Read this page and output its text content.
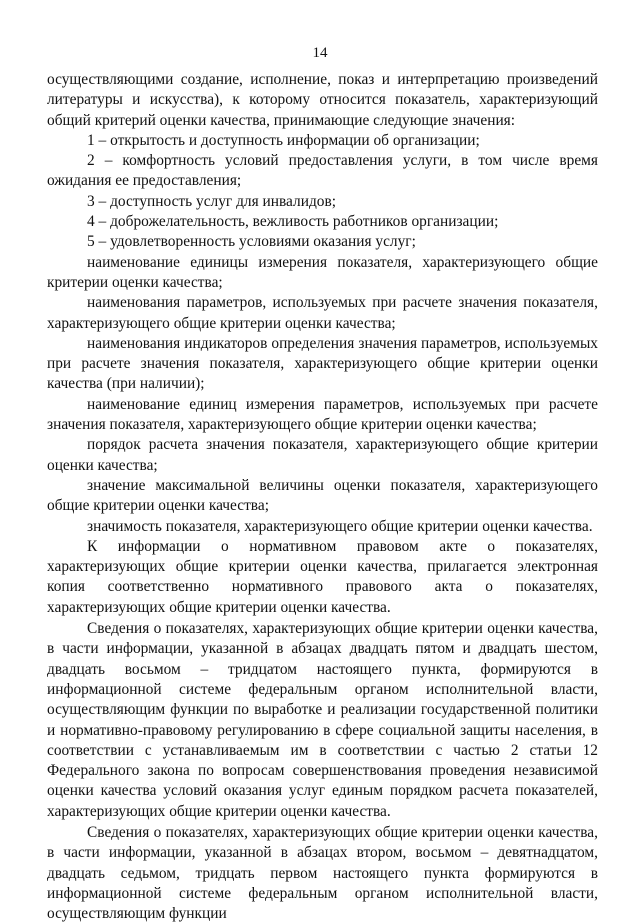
14

осуществляющими создание, исполнение, показ и интерпретацию произведений литературы и искусства), к которому относится показатель, характеризующий общий критерий оценки качества, принимающие следующие значения:

1 – открытость и доступность информации об организации;

2 – комфортность условий предоставления услуги, в том числе время ожидания ее предоставления;

3 – доступность услуг для инвалидов;

4 – доброжелательность, вежливость работников организации;

5 – удовлетворенность условиями оказания услуг;

наименование единицы измерения показателя, характеризующего общие критерии оценки качества;

наименования параметров, используемых при расчете значения показателя, характеризующего общие критерии оценки качества;

наименования индикаторов определения значения параметров, используемых при расчете значения показателя, характеризующего общие критерии оценки качества (при наличии);

наименование единиц измерения параметров, используемых при расчете значения показателя, характеризующего общие критерии оценки качества;

порядок расчета значения показателя, характеризующего общие критерии оценки качества;

значение максимальной величины оценки показателя, характеризующего общие критерии оценки качества;

значимость показателя, характеризующего общие критерии оценки качества.

К информации о нормативном правовом акте о показателях, характеризующих общие критерии оценки качества, прилагается электронная копия соответственно нормативного правового акта о показателях, характеризующих общие критерии оценки качества.

Сведения о показателях, характеризующих общие критерии оценки качества, в части информации, указанной в абзацах двадцать пятом и двадцать шестом, двадцать восьмом – тридцатом настоящего пункта, формируются в информационной системе федеральным органом исполнительной власти, осуществляющим функции по выработке и реализации государственной политики и нормативно-правовому регулированию в сфере социальной защиты населения, в соответствии с устанавливаемым им в соответствии с частью 2 статьи 12 Федерального закона по вопросам совершенствования проведения независимой оценки качества условий оказания услуг единым порядком расчета показателей, характеризующих общие критерии оценки качества.

Сведения о показателях, характеризующих общие критерии оценки качества, в части информации, указанной в абзацах втором, восьмом – девятнадцатом, двадцать седьмом, тридцать первом настоящего пункта формируются в информационной системе федеральным органом исполнительной власти, осуществляющим функции
